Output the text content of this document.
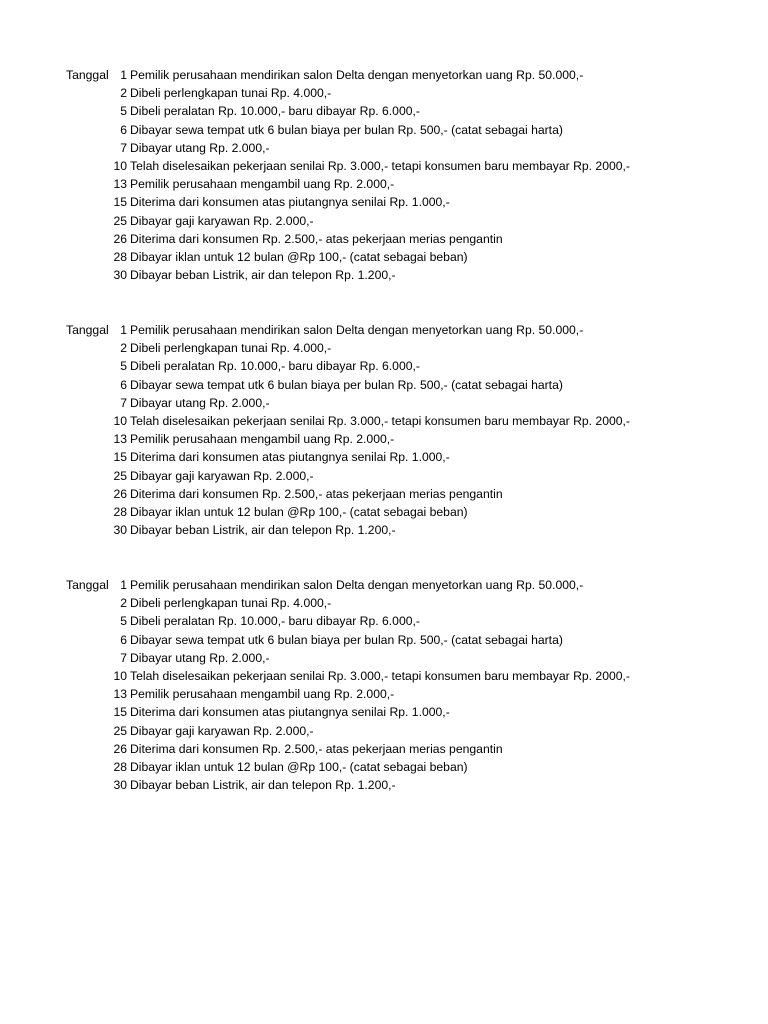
Tanggal 1 Pemilik perusahaan mendirikan salon Delta dengan menyetorkan uang Rp. 50.000,-
2 Dibeli perlengkapan tunai Rp. 4.000,-
5 Dibeli peralatan Rp. 10.000,- baru dibayar Rp. 6.000,-
6 Dibayar sewa tempat utk 6 bulan biaya per bulan Rp. 500,- (catat sebagai harta)
7 Dibayar utang Rp. 2.000,-
10 Telah diselesaikan pekerjaan senilai Rp. 3.000,- tetapi konsumen baru membayar Rp. 2000,-
13 Pemilik perusahaan mengambil uang Rp. 2.000,-
15 Diterima dari konsumen atas piutangnya senilai Rp. 1.000,-
25 Dibayar gaji karyawan Rp. 2.000,-
26 Diterima dari konsumen Rp. 2.500,- atas pekerjaan merias pengantin
28 Dibayar iklan untuk 12 bulan @Rp 100,- (catat sebagai beban)
30 Dibayar beban Listrik, air dan telepon Rp. 1.200,-
Tanggal 1 Pemilik perusahaan mendirikan salon Delta dengan menyetorkan uang Rp. 50.000,-
2 Dibeli perlengkapan tunai Rp. 4.000,-
5 Dibeli peralatan Rp. 10.000,- baru dibayar Rp. 6.000,-
6 Dibayar sewa tempat utk 6 bulan biaya per bulan Rp. 500,- (catat sebagai harta)
7 Dibayar utang Rp. 2.000,-
10 Telah diselesaikan pekerjaan senilai Rp. 3.000,- tetapi konsumen baru membayar Rp. 2000,-
13 Pemilik perusahaan mengambil uang Rp. 2.000,-
15 Diterima dari konsumen atas piutangnya senilai Rp. 1.000,-
25 Dibayar gaji karyawan Rp. 2.000,-
26 Diterima dari konsumen Rp. 2.500,- atas pekerjaan merias pengantin
28 Dibayar iklan untuk 12 bulan @Rp 100,- (catat sebagai beban)
30 Dibayar beban Listrik, air dan telepon Rp. 1.200,-
Tanggal 1 Pemilik perusahaan mendirikan salon Delta dengan menyetorkan uang Rp. 50.000,-
2 Dibeli perlengkapan tunai Rp. 4.000,-
5 Dibeli peralatan Rp. 10.000,- baru dibayar Rp. 6.000,-
6 Dibayar sewa tempat utk 6 bulan biaya per bulan Rp. 500,- (catat sebagai harta)
7 Dibayar utang Rp. 2.000,-
10 Telah diselesaikan pekerjaan senilai Rp. 3.000,- tetapi konsumen baru membayar Rp. 2000,-
13 Pemilik perusahaan mengambil uang Rp. 2.000,-
15 Diterima dari konsumen atas piutangnya senilai Rp. 1.000,-
25 Dibayar gaji karyawan Rp. 2.000,-
26 Diterima dari konsumen Rp. 2.500,- atas pekerjaan merias pengantin
28 Dibayar iklan untuk 12 bulan @Rp 100,- (catat sebagai beban)
30 Dibayar beban Listrik, air dan telepon Rp. 1.200,-
